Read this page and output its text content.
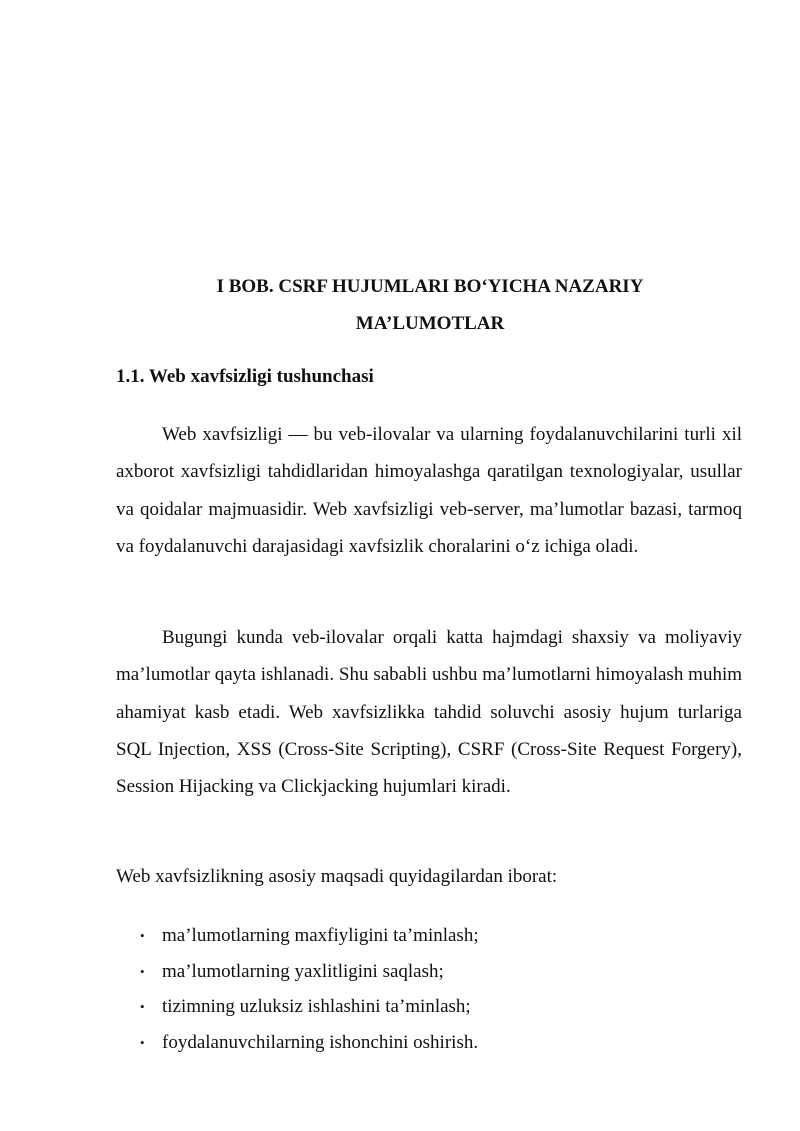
I BOB. CSRF HUJUMLARI BO‘YICHA NAZARIY
MA’LUMOTLAR
1.1. Web xavfsizligi tushunchasi

Web xavfsizligi — bu veb-ilovalar va ularning foydalanuvchilarini turli xil axborot xavfsizligi tahdidlaridan himoyalashga qaratilgan texnologiyalar, usullar va qoidalar majmuasidir. Web xavfsizligi veb-server, ma’lumotlar bazasi, tarmoq va foydalanuvchi darajasidagi xavfsizlik choralarini o‘z ichiga oladi.

Bugungi kunda veb-ilovalar orqali katta hajmdagi shaxsiy va moliyaviy ma’lumotlar qayta ishlanadi. Shu sababli ushbu ma’lumotlarni himoyalash muhim ahamiyat kasb etadi. Web xavfsizlikka tahdid soluvchi asosiy hujum turlariga SQL Injection, XSS (Cross-Site Scripting), CSRF (Cross-Site Request Forgery), Session Hijacking va Clickjacking hujumlari kiradi.

Web xavfsizlikning asosiy maqsadi quyidagilardan iborat:

• ma’lumotlarning maxfiyligini ta’minlash;
• ma’lumotlarning yaxlitligini saqlash;
• tizimning uzluksiz ishlashini ta’minlash;
• foydalanuvchilarning ishonchini oshirish.
